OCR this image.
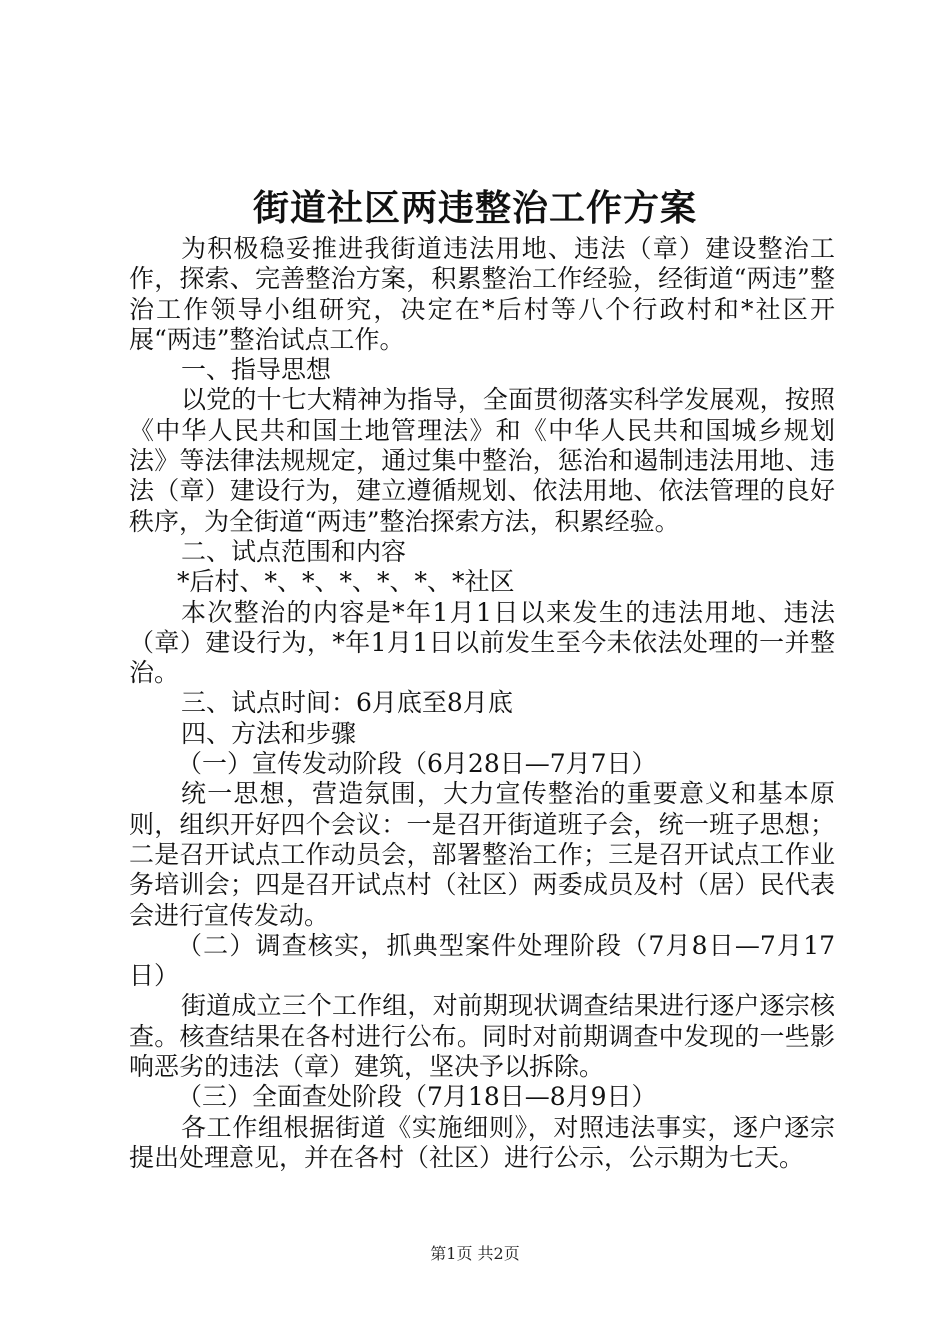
街道社区两违整治工作方案

为积极稳妥推进我街道违法用地、违法（章）建设整治工作，探索、完善整治方案，积累整治工作经验，经街道“两违”整治工作领导小组研究，决定在*后村等八个行政村和*社区开展“两违”整治试点工作。

一、指导思想

以党的十七大精神为指导，全面贯彻落实科学发展观，按照《中华人民共和国土地管理法》和《中华人民共和国城乡规划法》等法律法规规定，通过集中整治，惩治和遏制违法用地、违法（章）建设行为，建立遵循规划、依法用地、依法管理的良好秩序，为全街道“两违”整治探索方法，积累经验。

二、试点范围和内容

*后村、*、*、*、*、*、*社区

本次整治的内容是*年1月1日以来发生的违法用地、违法（章）建设行为，*年1月1日以前发生至今未依法处理的一并整治。

三、试点时间：6月底至8月底

四、方法和步骤

（一）宣传发动阶段（6月28日—7月7日）

统一思想，营造氛围，大力宣传整治的重要意义和基本原则，组织开好四个会议：一是召开街道班子会，统一班子思想；二是召开试点工作动员会，部署整治工作；三是召开试点工作业务培训会；四是召开试点村（社区）两委成员及村（居）民代表会进行宣传发动。

（二）调查核实，抓典型案件处理阶段（7月8日—7月17日）

街道成立三个工作组，对前期现状调查结果进行逐户逐宗核查。核查结果在各村进行公布。同时对前期调查中发现的一些影响恶劣的违法（章）建筑，坚决予以拆除。

（三）全面查处阶段（7月18日—8月9日）

各工作组根据街道《实施细则》，对照违法事实，逐户逐宗提出处理意见，并在各村（社区）进行公示，公示期为七天。

第1页 共2页
